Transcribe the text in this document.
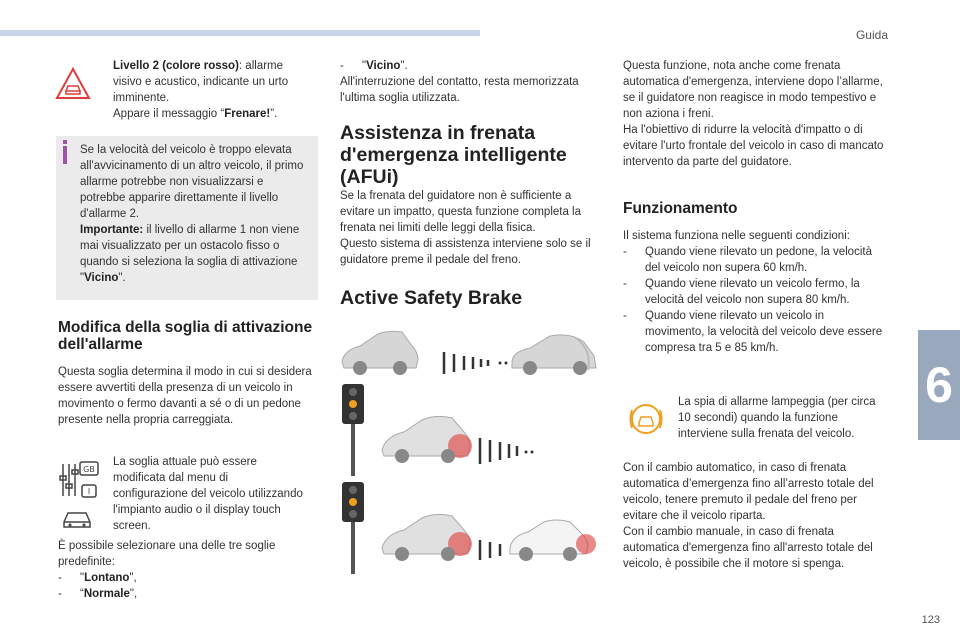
Guida
6
123

Livello 2 (colore rosso): allarme visivo e acustico, indicante un urto imminente.

Appare il messaggio “Frenare!”.

Se la velocità del veicolo è troppo elevata all'avvicinamento di un altro veicolo, il primo allarme potrebbe non visualizzarsi e potrebbe apparire direttamente il livello d'allarme 2.

Importante: il livello di allarme 1 non viene mai visualizzato per un ostacolo fisso o quando si seleziona la soglia di attivazione "Vicino".

Modifica della soglia di attivazione dell'allarme

Questa soglia determina il modo in cui si desidera essere avvertiti della presenza di un veicolo in movimento o fermo davanti a sé o di un pedone presente nella propria carreggiata.

GB
I

La soglia attuale può essere modificata dal menu di configurazione del veicolo utilizzando l'impianto audio o il display touch screen.

È possibile selezionare una delle tre soglie predefinite:

- "Lontano",
- “Normale",
- "Vicino".

All'interruzione del contatto, resta memorizzata l'ultima soglia utilizzata.

Assistenza in frenata d'emergenza intelligente (AFUi)

Se la frenata del guidatore non è sufficiente a evitare un impatto, questa funzione completa la frenata nei limiti delle leggi della fisica.

Questo sistema di assistenza interviene solo se il guidatore preme il pedale del freno.

Active Safety Brake

Questa funzione, nota anche come frenata automatica d'emergenza, interviene dopo l’allarme, se il guidatore non reagisce in modo tempestivo e non aziona i freni.

Ha l'obiettivo di ridurre la velocità d'impatto o di evitare l'urto frontale del veicolo in caso di mancato intervento da parte del guidatore.

Funzionamento

Il sistema funziona nelle seguenti condizioni:

- Quando viene rilevato un pedone, la velocità del veicolo non supera 60 km/h.
- Quando viene rilevato un veicolo fermo, la velocità del veicolo non supera 80 km/h.
- Quando viene rilevato un veicolo in movimento, la velocità del veicolo deve essere compresa tra 5 e 85 km/h.

La spia di allarme lampeggia (per circa 10 secondi) quando la funzione interviene sulla frenata del veicolo.

Con il cambio automatico, in caso di frenata automatica d’emergenza fino all’arresto totale del veicolo, tenere premuto il pedale del freno per evitare che il veicolo riparta.

Con il cambio manuale, in caso di frenata automatica d'emergenza fino all'arresto totale del veicolo, è possibile che il motore si spenga.
